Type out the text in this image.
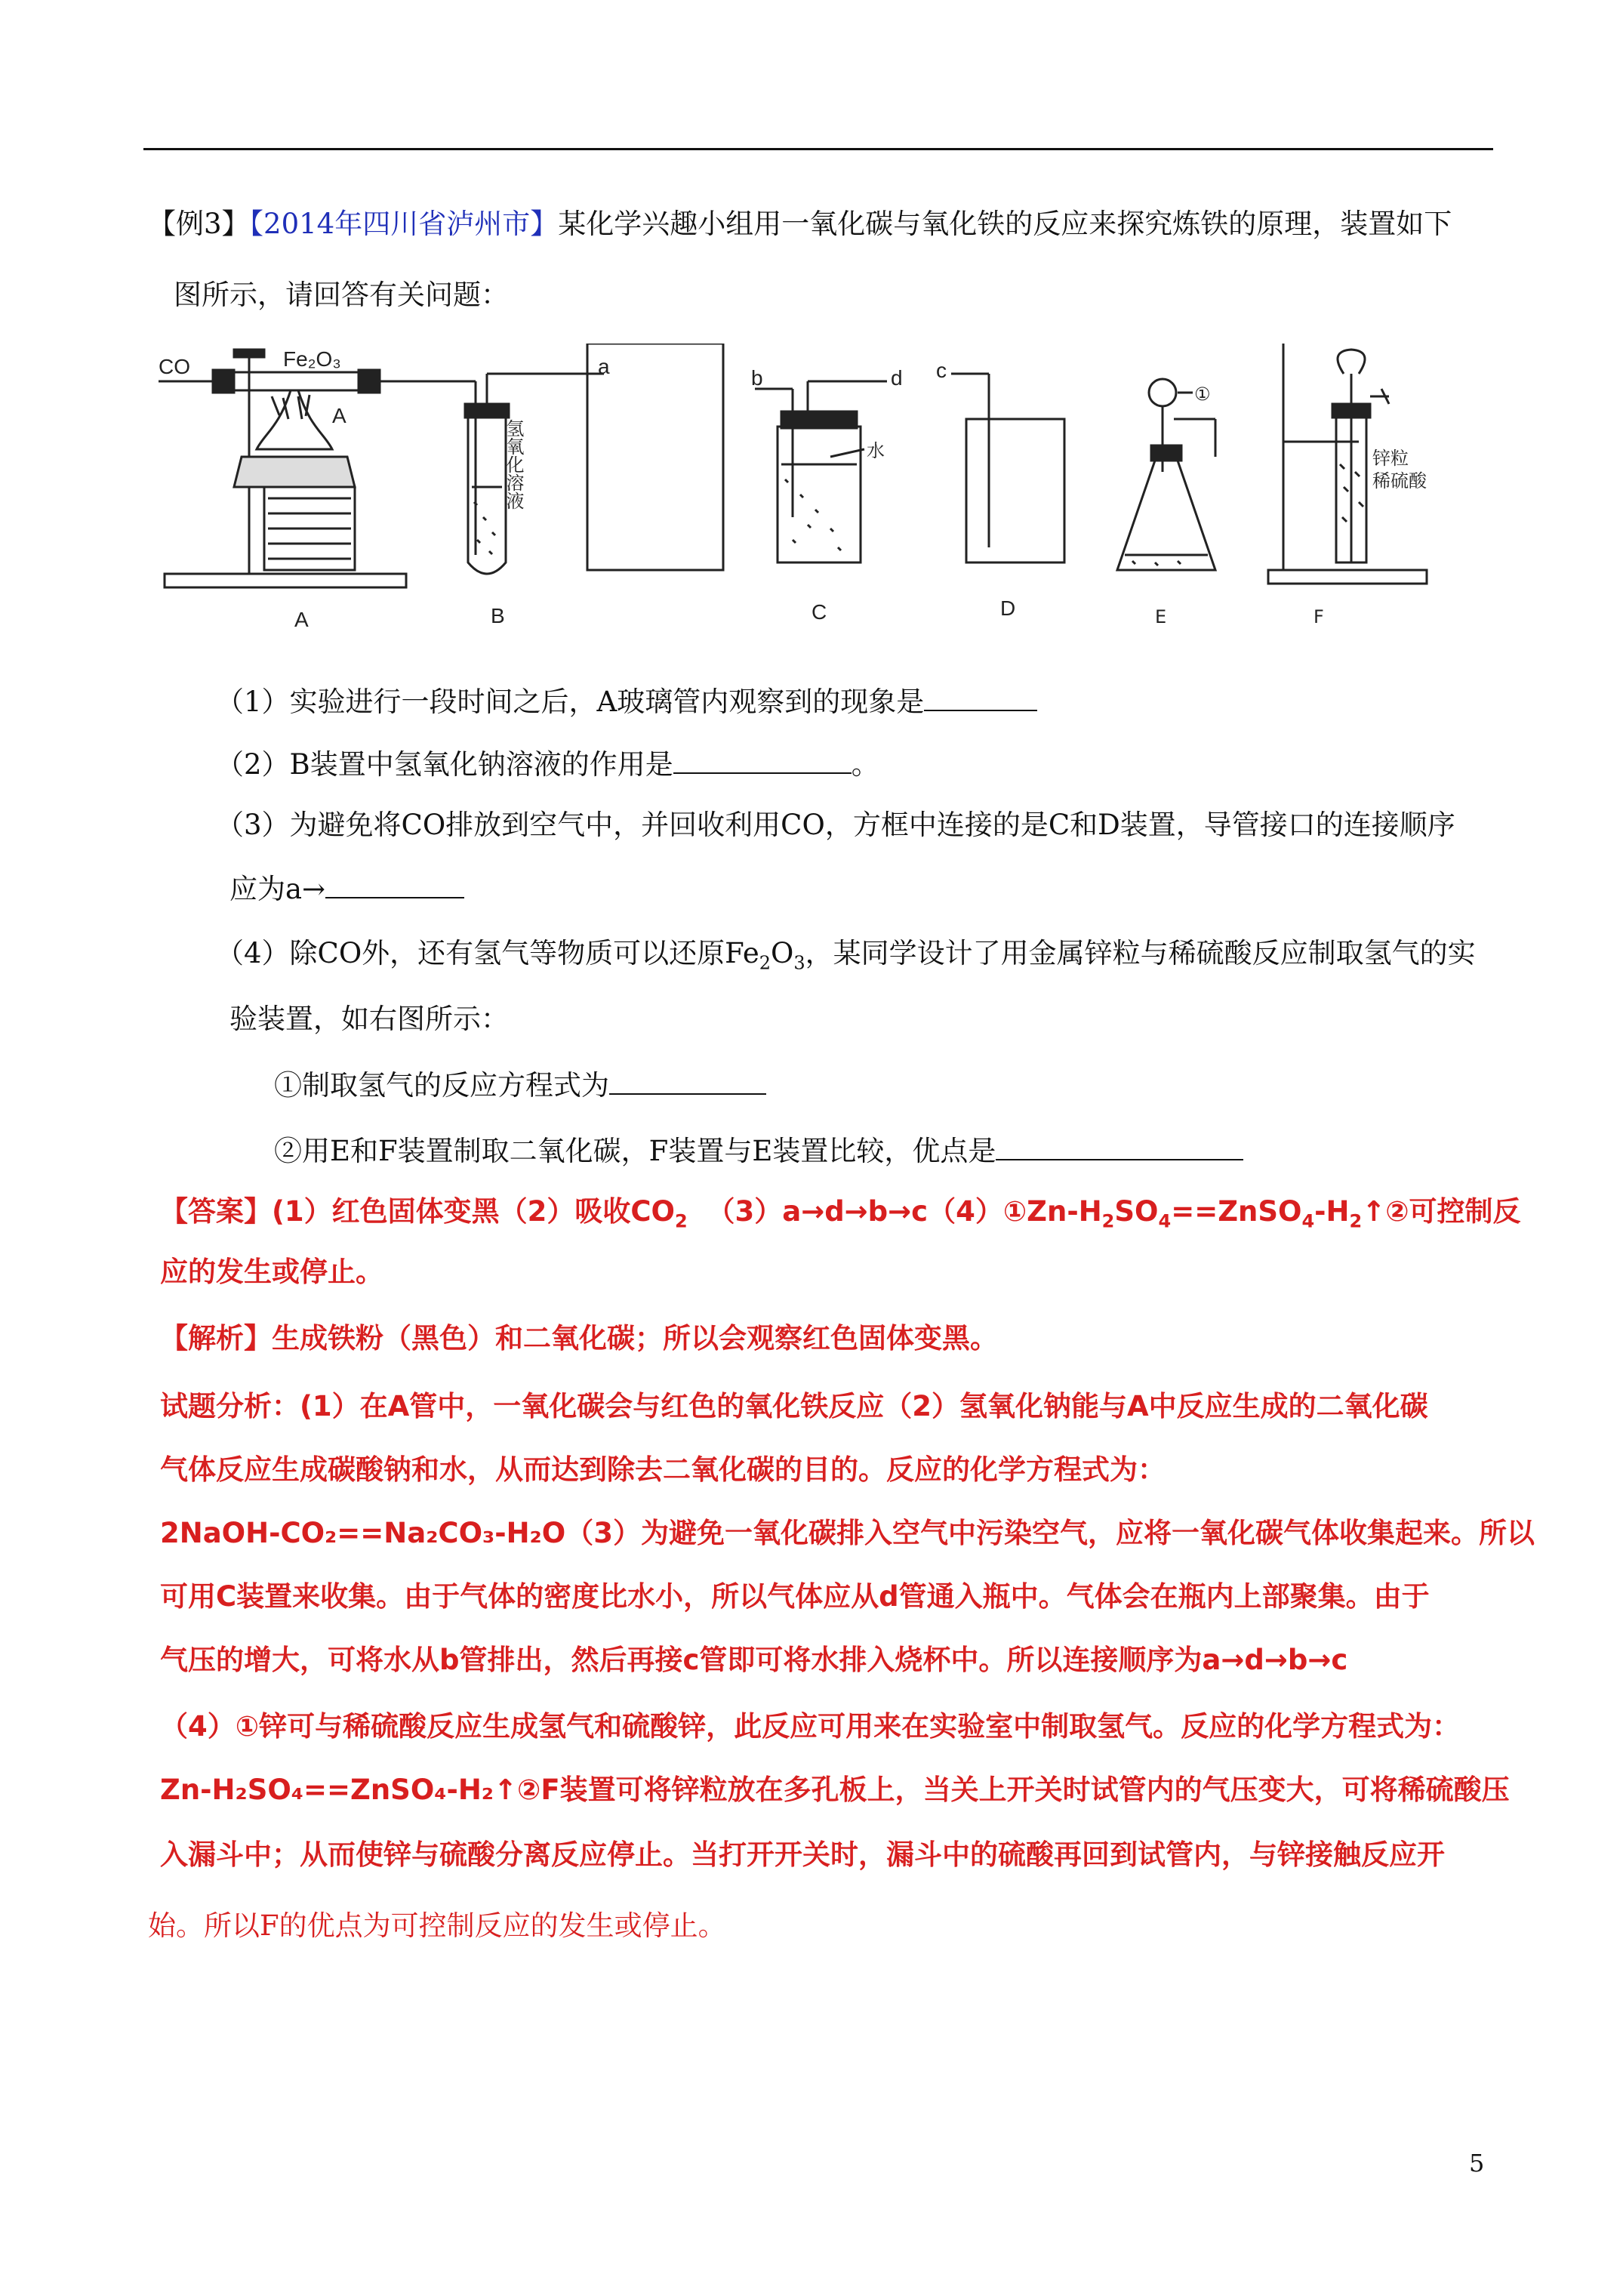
【例3】【2014年四川省泸州市】某化学兴趣小组用一氧化碳与氧化铁的反应来探究炼铁的原理，装置如下
图所示，请回答有关问题：
CO	Fe₂O₃
A
a	b	d c
氢氧化溶液	水
①
锌粒
稀硫酸
A	B	C	D	E	F
（1）实验进行一段时间之后，A玻璃管内观察到的现象是
（2）B装置中氢氧化钠溶液的作用是	。
（3）为避免将CO排放到空气中，并回收利用CO，方框中连接的是C和D装置，导管接口的连接顺序
应为a→
（4）除CO外，还有氢气等物质可以还原$Fe_2O_3$，某同学设计了用金属锌粒与稀硫酸反应制取氢气的实
验装置，如右图所示：
①制取氢气的反应方程式为
②用E和F装置制取二氧化碳，F装置与E装置比较，优点是
【答案】(1）红色固体变黑（2）吸收$CO_2$ $(3)a\to d\to b\to c(4)①Zn-H_2SO_4==ZnSO_4-H_2↑②$可控制反
应的发生或停止。
【解析】生成铁粉（黑色）和二氧化碳；所以会观察红色固体变黑。
试题分析：(1）在A管中，一氧化碳会与红色的氧化铁反应（2）氢氧化钠能与A中反应生成的二氧化碳
气体反应生成碳酸钠和水，从而达到除去二氧化碳的目的。反应的化学方程式为：
2NaOH-CO₂==Na₂CO₃-H₂O（3）为避免一氧化碳排入空气中污染空气，应将一氧化碳气体收集起来。所以
可用C装置来收集。由于气体的密度比水小，所以气体应从d管通入瓶中。气体会在瓶内上部聚集。由于
气压的增大，可将水从b管排出，然后再接c管即可将水排入烧杯中。所以连接顺序为a→d→b→c
（4）①锌可与稀硫酸反应生成氢气和硫酸锌，此反应可用来在实验室中制取氢气。反应的化学方程式为：
Zn-H₂SO₄==ZnSO₄-H₂↑②F装置可将锌粒放在多孔板上，当关上开关时试管内的气压变大，可将稀硫酸压
入漏斗中；从而使锌与硫酸分离反应停止。当打开开关时，漏斗中的硫酸再回到试管内，与锌接触反应开
始。所以F的优点为可控制反应的发生或停止。
5
